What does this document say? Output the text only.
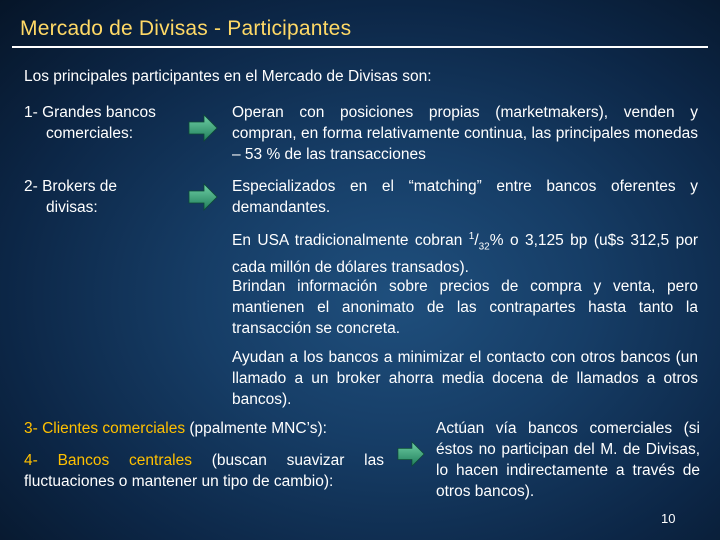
Mercado de Divisas - Participantes
Los principales participantes en el Mercado de Divisas son:
1- Grandes bancos
comerciales:
Operan con posiciones propias (marketmakers), venden y compran, en forma relativamente continua, las principales monedas – 53 % de las transacciones
2- Brokers de
divisas:
Especializados en el “matching” entre bancos oferentes y demandantes.
En USA tradicionalmente cobran $^1/_{32}\%$ o 3,125 bp (u$s 312,5 por cada millón de dólares transados).
Brindan información sobre precios de compra y venta, pero mantienen el anonimato de las contrapartes hasta tanto la transacción se concreta.
Ayudan a los bancos a minimizar el contacto con otros bancos (un llamado a un broker ahorra media docena de llamados a otros bancos).
3- Clientes comerciales (ppalmente MNC’s):
4- Bancos centrales (buscan suavizar las fluctuaciones o mantener un tipo de cambio):
Actúan vía bancos comerciales (si éstos no participan del M. de Divisas, lo hacen indirectamente a través de otros bancos).
10
